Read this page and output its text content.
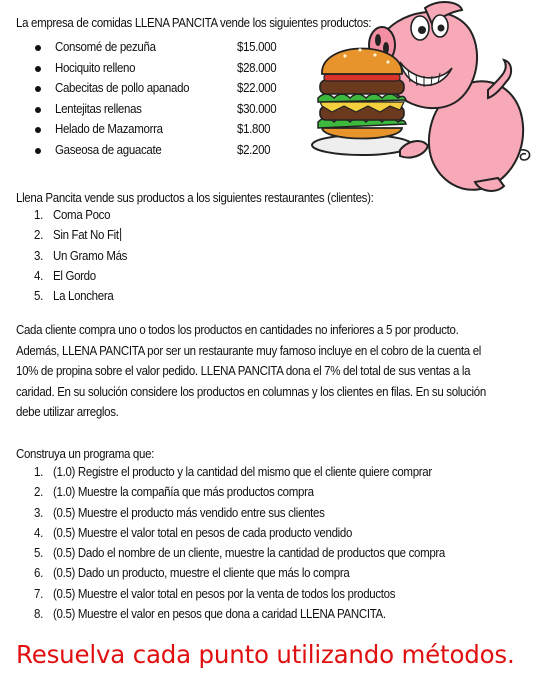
La empresa de comidas LLENA PANCITA vende los siguientes productos:
Consomé de pezuña	$15.000
Hociquito relleno	$28.000
Cabecitas de pollo apanado	$22.000
Lentejitas rellenas	$30.000
Helado de Mazamorra	$1.800
Gaseosa de aguacate	$2.200
Llena Pancita vende sus productos a los siguientes restaurantes (clientes):
1. Coma Poco
2. Sin Fat No Fit
3. Un Gramo Más
4. El Gordo
5. La Lonchera
Cada cliente compra uno o todos los productos en cantidades no inferiores a 5 por producto.
Además, LLENA PANCITA por ser un restaurante muy famoso incluye en el cobro de la cuenta el
10% de propina sobre el valor pedido. LLENA PANCITA dona el 7% del total de sus ventas a la
caridad. En su solución considere los productos en columnas y los clientes en filas. En su solución
debe utilizar arreglos.
Construya un programa que:
1. (1.0) Registre el producto y la cantidad del mismo que el cliente quiere comprar
2. (1.0) Muestre la compañía que más productos compra
3. (0.5) Muestre el producto más vendido entre sus clientes
4. (0.5) Muestre el valor total en pesos de cada producto vendido
5. (0.5) Dado el nombre de un cliente, muestre la cantidad de productos que compra
6. (0.5) Dado un producto, muestre el cliente que más lo compra
7. (0.5) Muestre el valor total en pesos por la venta de todos los productos
8. (0.5) Muestre el valor en pesos que dona a caridad LLENA PANCITA.
Resuelva cada punto utilizando métodos.
